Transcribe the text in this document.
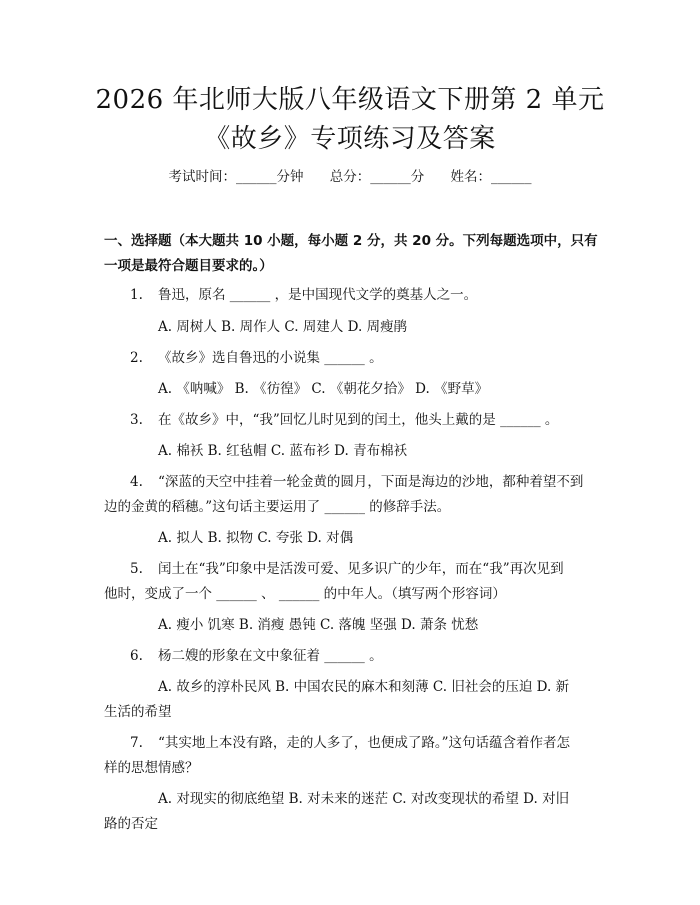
2026 年北师大版八年级语文下册第 2 单元
《故乡》专项练习及答案
考试时间：______分钟 总分：______分 姓名：______
一、选择题（本大题共 10 小题，每小题 2 分，共 20 分。下列每题选项中，只有
一项是最符合题目要求的。）
1. 鲁迅，原名 ______ ，是中国现代文学的奠基人之一。
A. 周树人 B. 周作人 C. 周建人 D. 周瘦鹃
2. 《故乡》选自鲁迅的小说集 ______ 。
A. 《呐喊》 B. 《彷徨》 C. 《朝花夕拾》 D. 《野草》
3. 在《故乡》中，“我”回忆儿时见到的闰土，他头上戴的是 ______ 。
A. 棉袄 B. 红毡帽 C. 蓝布衫 D. 青布棉袄
4. “深蓝的天空中挂着一轮金黄的圆月，下面是海边的沙地，都种着望不到
边的金黄的稻穗。”这句话主要运用了 ______ 的修辞手法。
A. 拟人 B. 拟物 C. 夸张 D. 对偶
5. 闰土在“我”印象中是活泼可爱、见多识广的少年，而在“我”再次见到
他时，变成了一个 ______ 、 ______ 的中年人。（填写两个形容词）
A. 瘦小 饥寒 B. 消瘦 愚钝 C. 落魄 坚强 D. 萧条 忧愁
6. 杨二嫂的形象在文中象征着 ______ 。
A. 故乡的淳朴民风 B. 中国农民的麻木和刻薄 C. 旧社会的压迫 D. 新
生活的希望
7. “其实地上本没有路，走的人多了，也便成了路。”这句话蕴含着作者怎
样的思想情感？
A. 对现实的彻底绝望 B. 对未来的迷茫 C. 对改变现状的希望 D. 对旧
路的否定
